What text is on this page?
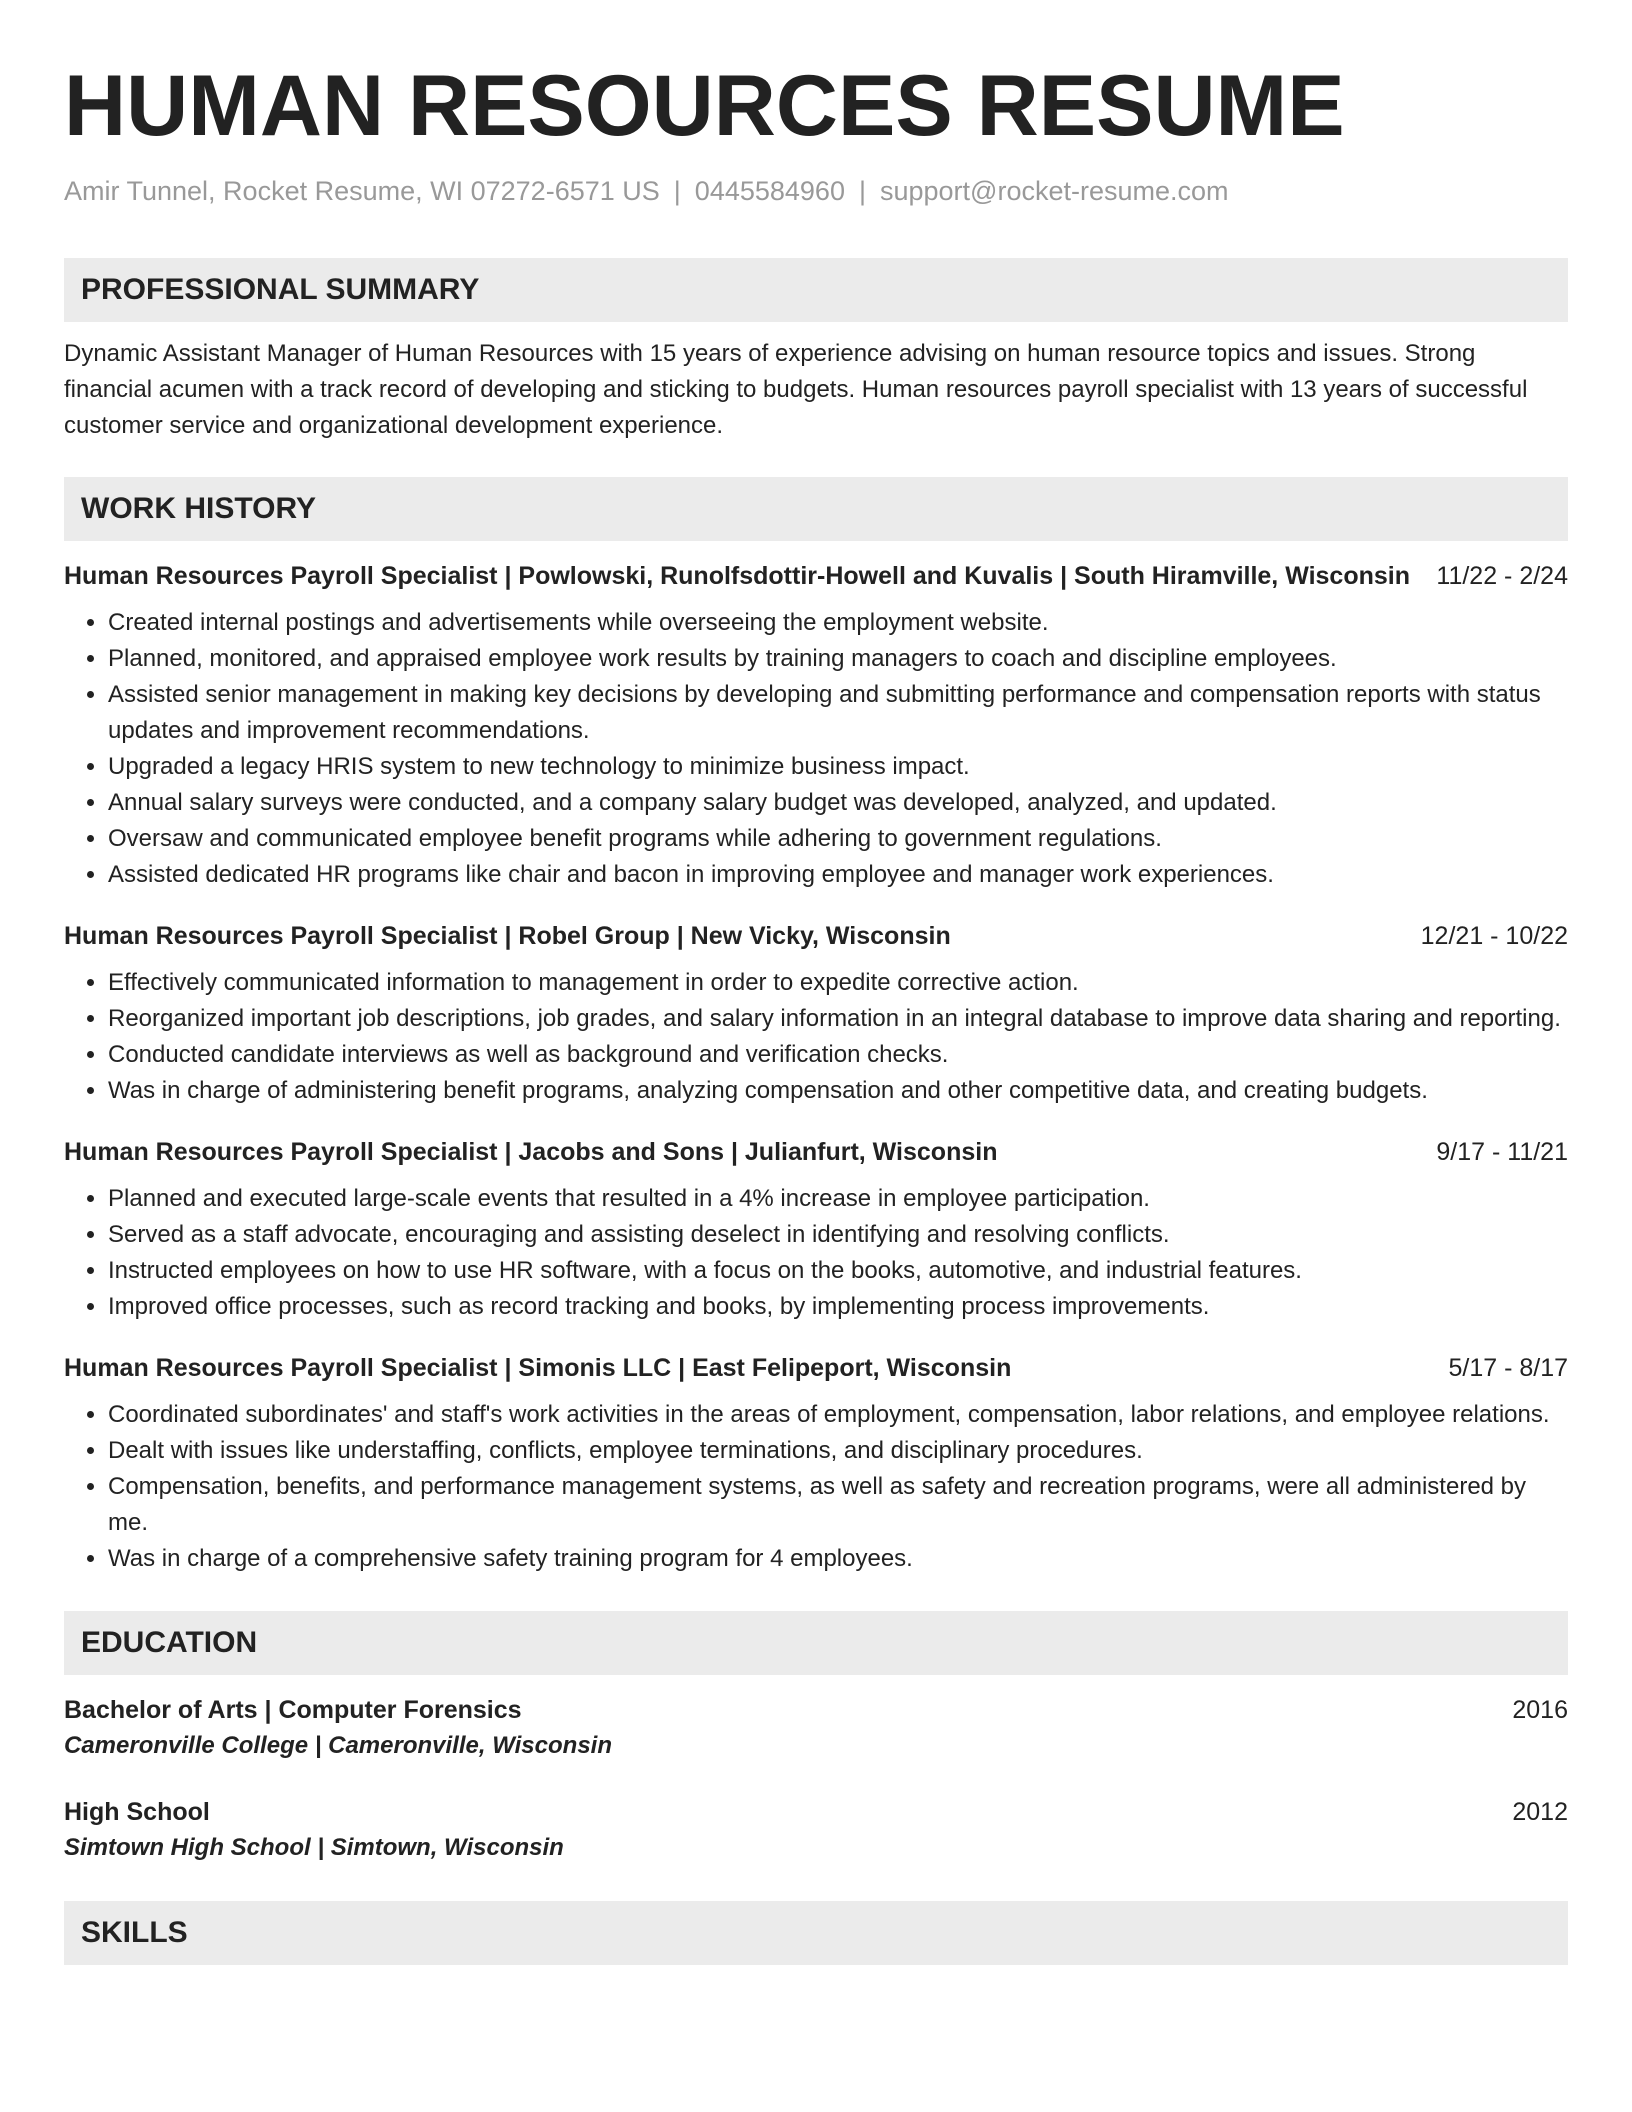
HUMAN RESOURCES RESUME
Amir Tunnel, Rocket Resume, WI 07272-6571 US | 0445584960 | support@rocket-resume.com
PROFESSIONAL SUMMARY
Dynamic Assistant Manager of Human Resources with 15 years of experience advising on human resource topics and issues. Strong financial acumen with a track record of developing and sticking to budgets. Human resources payroll specialist with 13 years of successful customer service and organizational development experience.
WORK HISTORY
Human Resources Payroll Specialist | Powlowski, Runolfsdottir-Howell and Kuvalis | South Hiramville, Wisconsin	11/22 - 2/24
• Created internal postings and advertisements while overseeing the employment website.
• Planned, monitored, and appraised employee work results by training managers to coach and discipline employees.
• Assisted senior management in making key decisions by developing and submitting performance and compensation reports with status updates and improvement recommendations.
• Upgraded a legacy HRIS system to new technology to minimize business impact.
• Annual salary surveys were conducted, and a company salary budget was developed, analyzed, and updated.
• Oversaw and communicated employee benefit programs while adhering to government regulations.
• Assisted dedicated HR programs like chair and bacon in improving employee and manager work experiences.
Human Resources Payroll Specialist | Robel Group | New Vicky, Wisconsin	12/21 - 10/22
• Effectively communicated information to management in order to expedite corrective action.
• Reorganized important job descriptions, job grades, and salary information in an integral database to improve data sharing and reporting.
• Conducted candidate interviews as well as background and verification checks.
• Was in charge of administering benefit programs, analyzing compensation and other competitive data, and creating budgets.
Human Resources Payroll Specialist | Jacobs and Sons | Julianfurt, Wisconsin	9/17 - 11/21
• Planned and executed large-scale events that resulted in a 4% increase in employee participation.
• Served as a staff advocate, encouraging and assisting deselect in identifying and resolving conflicts.
• Instructed employees on how to use HR software, with a focus on the books, automotive, and industrial features.
• Improved office processes, such as record tracking and books, by implementing process improvements.
Human Resources Payroll Specialist | Simonis LLC | East Felipeport, Wisconsin	5/17 - 8/17
• Coordinated subordinates' and staff's work activities in the areas of employment, compensation, labor relations, and employee relations.
• Dealt with issues like understaffing, conflicts, employee terminations, and disciplinary procedures.
• Compensation, benefits, and performance management systems, as well as safety and recreation programs, were all administered by me.
• Was in charge of a comprehensive safety training program for 4 employees.
EDUCATION
Bachelor of Arts | Computer Forensics	2016
Cameronville College | Cameronville, Wisconsin
High School	2012
Simtown High School | Simtown, Wisconsin
SKILLS
